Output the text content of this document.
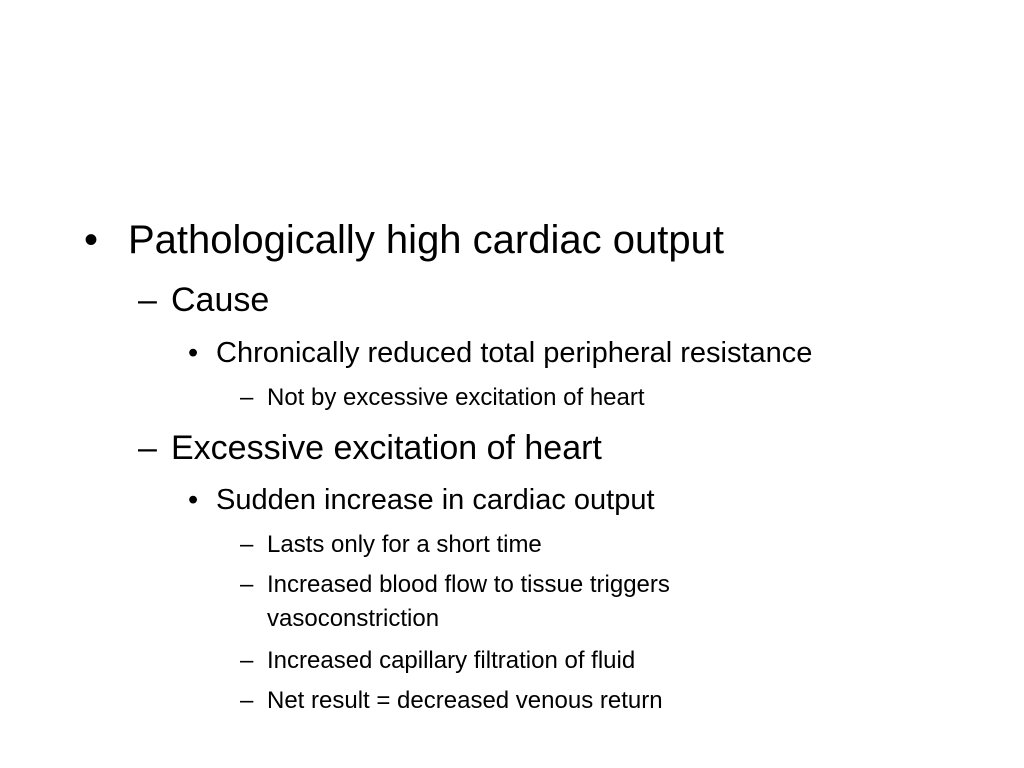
• Pathologically high cardiac output
– Cause
• Chronically reduced total peripheral resistance
– Not by excessive excitation of heart
– Excessive excitation of heart
• Sudden increase in cardiac output
– Lasts only for a short time
– Increased blood flow to tissue triggers
vasoconstriction
– Increased capillary filtration of fluid
– Net result = decreased venous return
